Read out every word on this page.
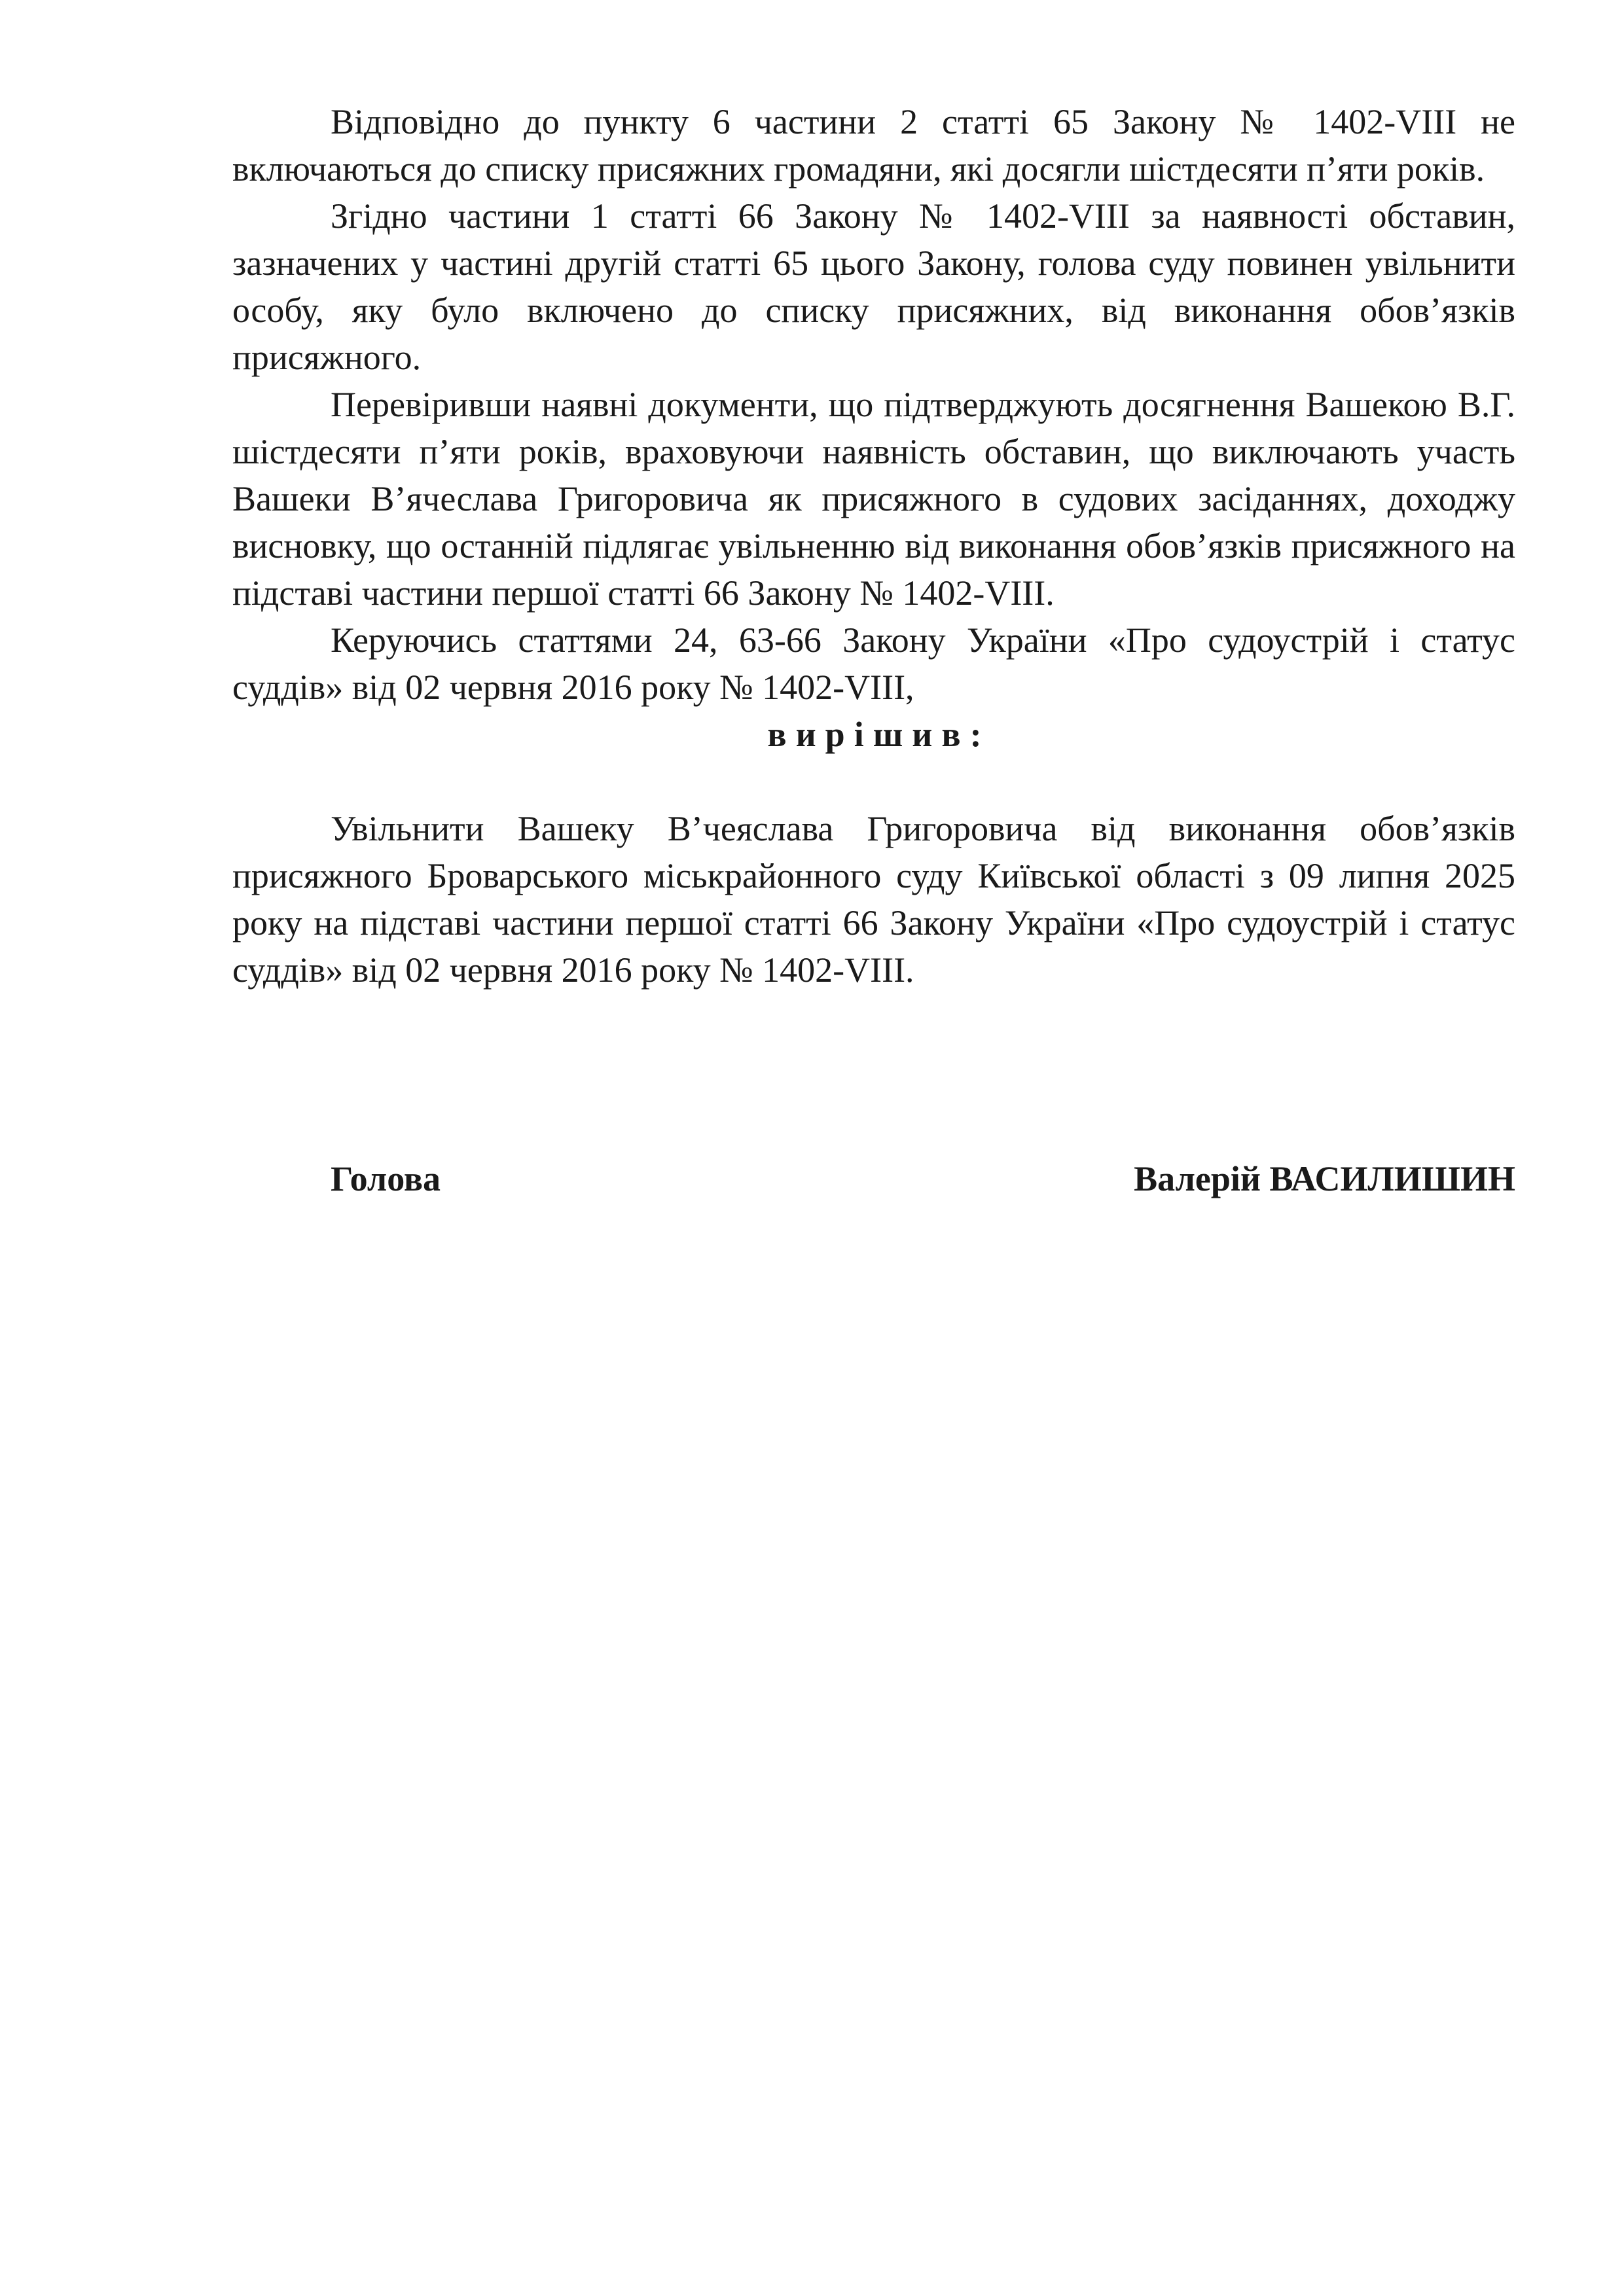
Відповідно до пункту 6 частини 2 статті 65 Закону № 1402-VIII не включаються до списку присяжних громадяни, які досягли шістдесяти п’яти років.

Згідно частини 1 статті 66 Закону № 1402-VIII за наявності обставин, зазначених у частині другій статті 65 цього Закону, голова суду повинен увільнити особу, яку було включено до списку присяжних, від виконання обов’язків присяжного.

Перевіривши наявні документи, що підтверджують досягнення Вашекою В.Г. шістдесяти п’яти років, враховуючи наявність обставин, що виключають участь Вашеки В’ячеслава Григоровича як присяжного в судових засіданнях, доходжу висновку, що останній підлягає увільненню від виконання обов’язків присяжного на підставі частини першої статті 66 Закону № 1402-VIII.

Керуючись статтями 24, 63-66 Закону України «Про судоустрій і статус суддів» від 02 червня 2016 року № 1402-VIII,

вирішив:

Увільнити Вашеку В’чеяслава Григоровича від виконання обов’язків присяжного Броварського міськрайонного суду Київської області з 09 липня 2025 року на підставі частини першої статті 66 Закону України «Про судоустрій і статус суддів» від 02 червня 2016 року № 1402-VIII.

Голова	Валерій ВАСИЛИШИН
